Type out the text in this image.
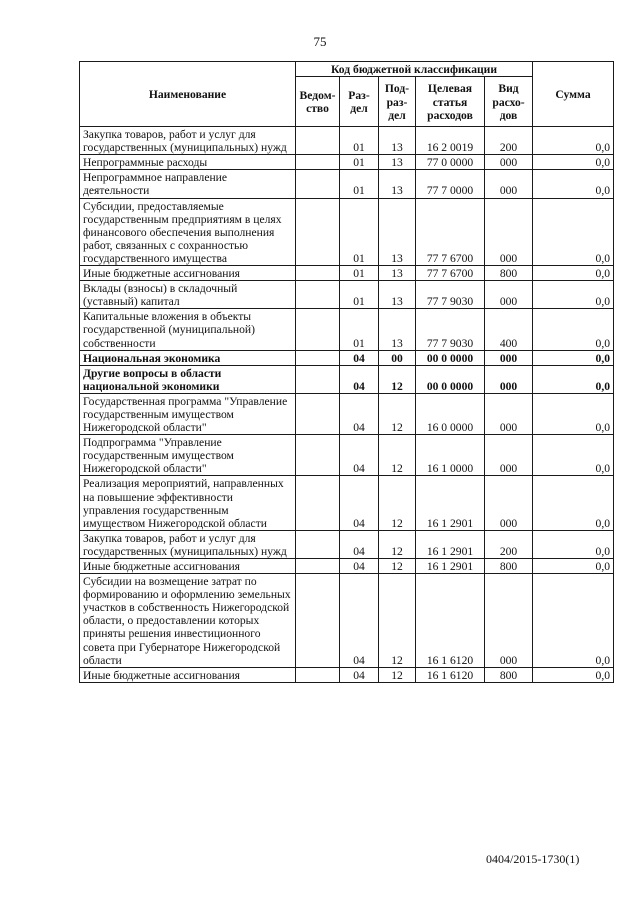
75
Наименование	Код бюджетной классификации					Сумма
	Ведом-ство	Раз-дел	Под-раз-дел	Целевая статья расходов	Вид расхо-дов	
Закупка товаров, работ и услуг для государственных (муниципальных) нужд		01	13	16 2 0019	200	0,0
Непрограммные расходы		01	13	77 0 0000	000	0,0
Непрограммное направление деятельности		01	13	77 7 0000	000	0,0
Субсидии, предоставляемые государственным предприятиям в целях финансового обеспечения выполнения работ, связанных с сохранностью государственного имущества		01	13	77 7 6700	000	0,0
Иные бюджетные ассигнования		01	13	77 7 6700	800	0,0
Вклады (взносы) в складочный (уставный) капитал		01	13	77 7 9030	000	0,0
Капитальные вложения в объекты государственной (муниципальной) собственности		01	13	77 7 9030	400	0,0
Национальная экономика		04	00	00 0 0000	000	0,0
Другие вопросы в области национальной экономики		04	12	00 0 0000	000	0,0
Государственная программа "Управление государственным имуществом Нижегородской области"		04	12	16 0 0000	000	0,0
Подпрограмма "Управление государственным имуществом Нижегородской области"		04	12	16 1 0000	000	0,0
Реализация мероприятий, направленных на повышение эффективности управления государственным имуществом Нижегородской области		04	12	16 1 2901	000	0,0
Закупка товаров, работ и услуг для государственных (муниципальных) нужд		04	12	16 1 2901	200	0,0
Иные бюджетные ассигнования		04	12	16 1 2901	800	0,0
Субсидии на возмещение затрат по формированию и оформлению земельных участков в собственность Нижегородской области, о предоставлении которых приняты решения инвестиционного совета при Губернаторе Нижегородской области		04	12	16 1 6120	000	0,0
Иные бюджетные ассигнования		04	12	16 1 6120	800	0,0
0404/2015-1730(1)
